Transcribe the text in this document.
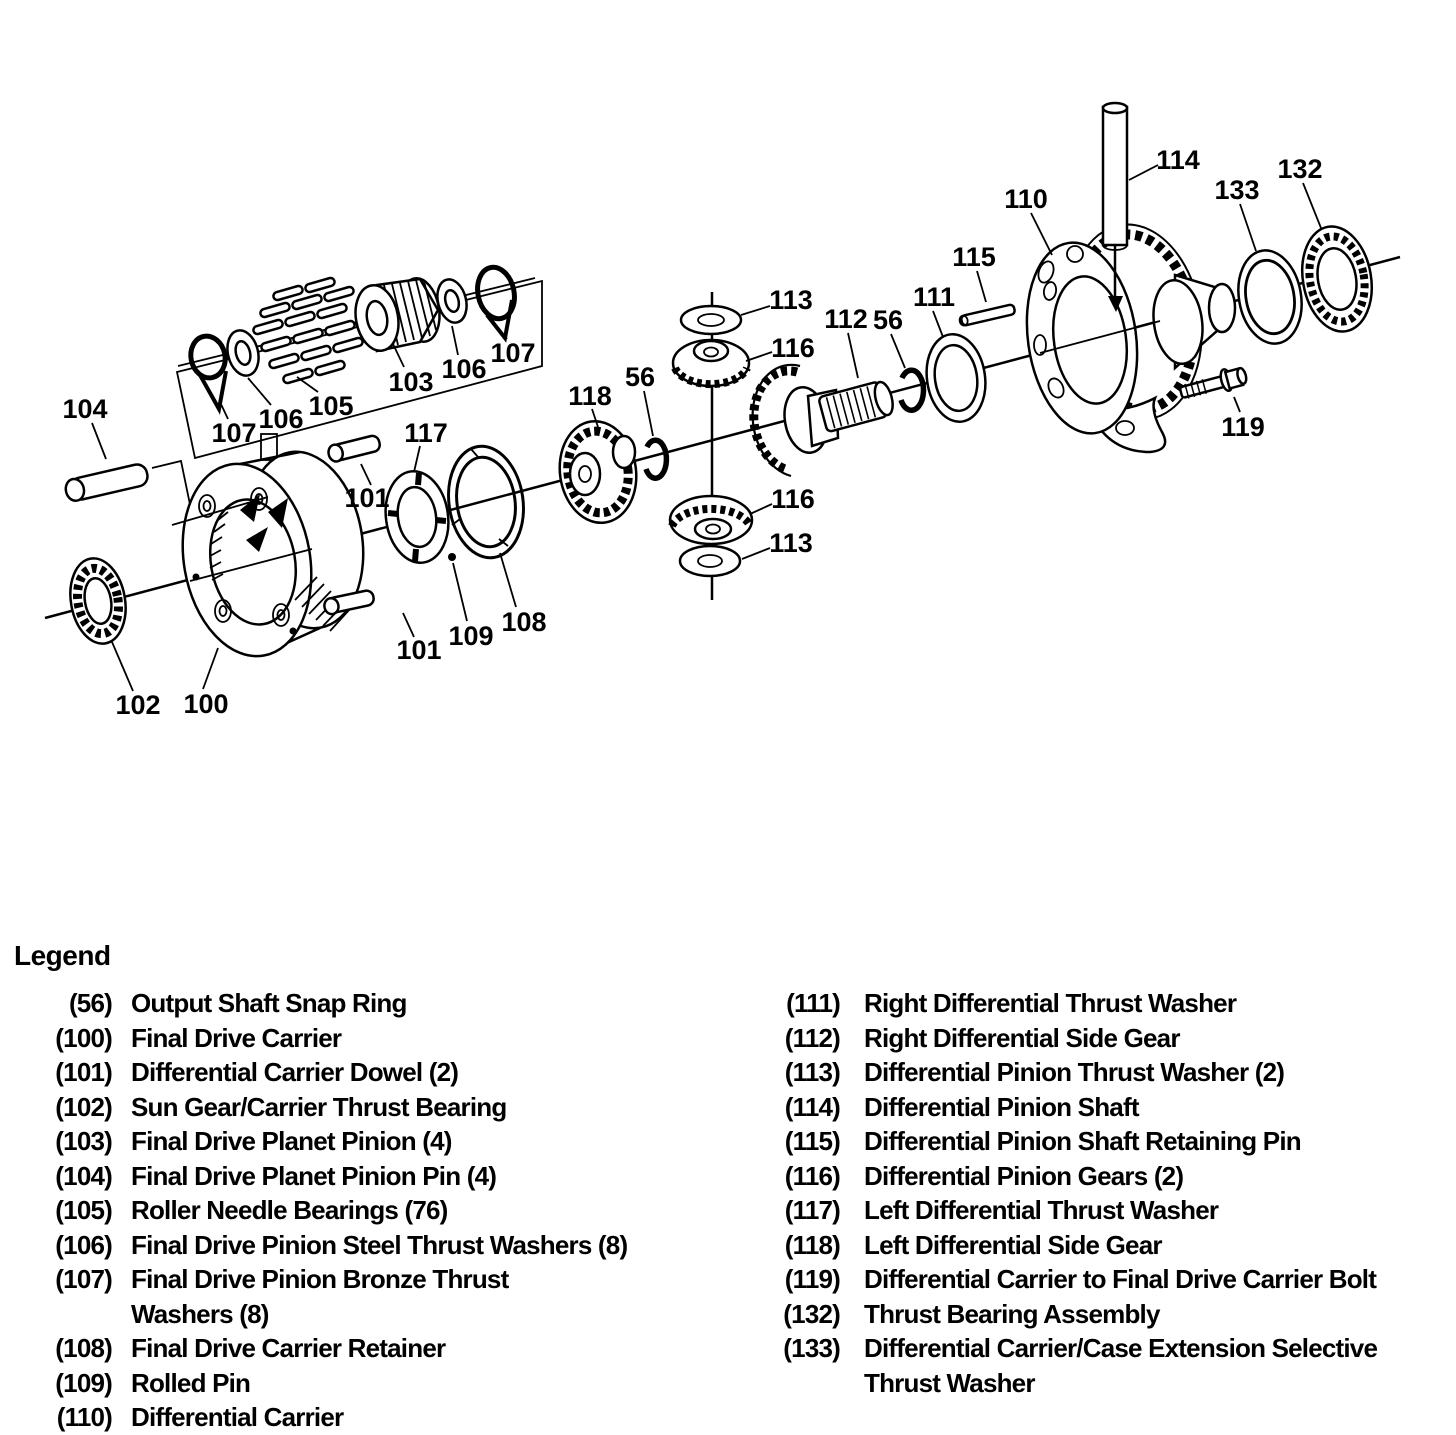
104
107 106 105
103 106
107
117
101
101 109 108
102 100
118
56
113
116
112 56
111
115
110
114
133
132
119
116
113
Legend
(56) Output Shaft Snap Ring
(100) Final Drive Carrier
(101) Differential Carrier Dowel (2)
(102) Sun Gear/Carrier Thrust Bearing
(103) Final Drive Planet Pinion (4)
(104) Final Drive Planet Pinion Pin (4)
(105) Roller Needle Bearings (76)
(106) Final Drive Pinion Steel Thrust Washers (8)
(107) Final Drive Pinion Bronze Thrust
Washers (8)
(108) Final Drive Carrier Retainer
(109) Rolled Pin
(110) Differential Carrier
(111) Right Differential Thrust Washer
(112) Right Differential Side Gear
(113) Differential Pinion Thrust Washer (2)
(114) Differential Pinion Shaft
(115) Differential Pinion Shaft Retaining Pin
(116) Differential Pinion Gears (2)
(117) Left Differential Thrust Washer
(118) Left Differential Side Gear
(119) Differential Carrier to Final Drive Carrier Bolt
(132) Thrust Bearing Assembly
(133) Differential Carrier/Case Extension Selective
Thrust Washer
